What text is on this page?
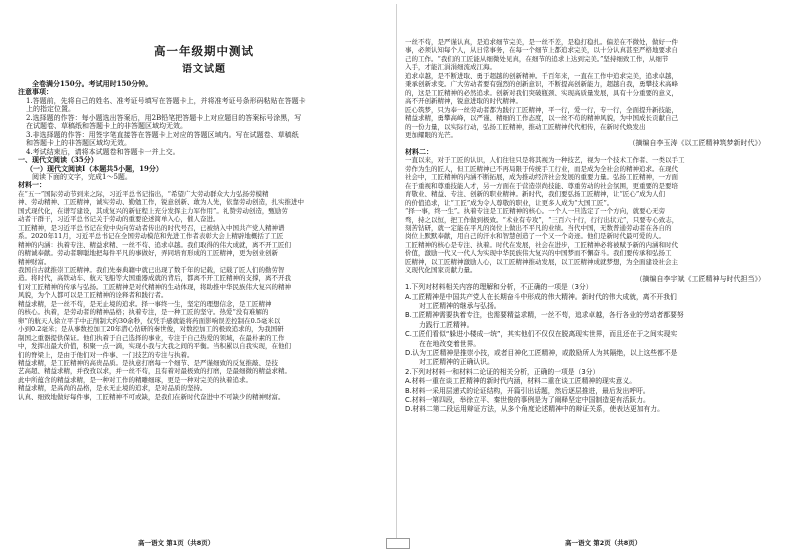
高一年级期中测试
语文试题
全卷满分150分。考试用时150分钟。
注意事项：
1.答题前，先将自己的姓名、准考证号填写在答题卡上，并将准考证号条形码粘贴在答题卡
上的指定位置。
2.选择题的作答：每小题选出答案后，用2B铅笔把答题卡上对应题目的答案标号涂黑，写
在试题卷、草稿纸和答题卡上的非答题区域均无效。
3.非选择题的作答：用签字笔直接答在答题卡上对应的答题区域内。写在试题卷、草稿纸
和答题卡上的非答题区域均无效。
4.考试结束后，请将本试题卷和答题卡一并上交。
一、现代文阅读（35分）
（一）现代文阅读Ⅰ（本题共5小题，19分）
阅读下面的文字，完成1～5题。
材料一：
在“五一”国际劳动节到来之际，习近平总书记指出，“希望广大劳动群众大力弘扬劳模精
神、劳动精神、工匠精神，诚实劳动、勤勉工作，锐意创新、敢为人先，依靠劳动创造，扎实推进中
国式现代化，在谱写建设，其成复兴的新征程上充分发挥主力军作用”。礼赞劳动创造，甄励劳
动者干群干，习近平总书记关于劳动的重要论述简单入心，催人奋进。
工匠精神，是习近平总书记在党中央向劳动者传出的时代号召，已被纳入中国共产党人精神谱
系。2020年11月，习近平总书记在全国劳动模范和先进工作者表彰大会上精辟地概括了工匠
精神的内涵：执着专注、精益求精、一丝不苟、追求卓越。我们取得的伟大成就，离不开工匠们
的精诚奉献。劳动者聊聪地把每件平凡的事做好，弄同培育形成的工匠精神，更为创业创新
精神财富。
我国自古就推崇工匠精神。我们先秦典籍中就已出现了数千年的记载，记载了匠人们的勤劳智
造。将时代，高铁动车、航天飞船等大国重器成就的背后，都离不开工匠精神的支撑，离不开我
们对工匠精神的传承与弘扬。工匠精神是对代精神的生动体现，将助推中华民族伟大复兴的精神
风貌，为个人都可以是工匠精神的诠释者和践行者。
精益求精，是一丝不苟，是无止境的追求。择一事终一生，坚定的理想信念，是工匠精神
的核心。执着，是劳动者的精神品格；执着专注，是一种工匠的坚守。热爱“没有难解的
卵”的航天人徐立平手中正削制大约30余秒，仅凭手感就能将药面影响误差控制在0.5毫米以
小到0.2毫米；是从事数控加工20年潜心钻研的秦世俊，对数控加工的极致追求的，为我国研
制国之重器提供保证。他们执着于自己选择的事业，专注于自己热爱的领域，在最朴素的工作
中，发挥出最大价值，积聚一点一滴，实现小我与大我之间的平衡。当积累以自我实现，在他们
们的脊梁上，是由于他们对一件事、一门技艺的专注与执着。
精益求精，是工匠精神的高贵品质。是执意打磨每一个细节、是严谨细致的反复推敲、是技
艺高超、精益求精，并孜孜以求，并一丝不苟，且有着对最极致的打磨，是最细微的精益求精。
此中所蕴含的精益求精，是一种对工作的精雕细琢，更是一种对完美的执着追求。
精益求精，是高尚的品格，是永无止境的追求，是对品质的坚持。
认真、细致地做好每件事，工匠精神不可或缺，是我们在新时代奋进中不可缺少的精神财富。
高一语文 第1页（共8页）
一丝不苟，是严谨认真，是追求细节完美，是一丝不差，是稳打稳扎。偏差在不微处，做好一件
事，必须认知每个人，从日常事务，在每一个细节上都追求完美，以十分认真甚至严格地要求自
己的工作。“我们的工匠能从细微处见真，在细节的追求上达到完美。”坚持细致工作，从细节
入手，才能汇涓涓细流成江海。
追求卓越，是不断进取、勇于超越的创新精神。千百年来，一直在工作中追求完美，追求卓越，
秉承创新求变。广大劳动者要有强烈的创新意识，不断提高创新能力，超越自我，勇攀技术高峰
的，这是工匠精神的必然追求。创新对我们突破瓶颈、实现高质量发展，具有十分重要的意义，
高不开创新精神，锐意进取的时代精神。
匠心筑梦，只为奉一丝劳动者都为践行工匠精神，平一行，爱一行，专一行，全面提升新技能，
精益求精，勇攀高峰，以严谨、精细的工作态度，以一丝不苟的精神风貌，为中国成长贡献自己
的一份力量，以实际行动，弘扬工匠精神，推动工匠精神代代相传，在新时代焕发出
更加耀眼的光芒。
（摘编自李玉涛《以工匠精神筑梦新时代》）
材料二：
一直以来，对于工匠的认识，人们往往只是将其视为一种技艺，视为一个技术工作者、一类以手工
劳作为生的匠人，但工匠精神已不再局限于传统手工行业，而是成为全社会的精神追求。在现代
社会中，工匠精神的内涵不断拓展，成为推动经济社会发展的重要力量。弘扬工匠精神，一方面
在于重视和尊重技能人才，另一方面在于营造崇尚技能、尊重劳动的社会氛围，更重要的是要培
育敬业、精益、专注、创新的职业精神。新时代，我们要弘扬工匠精神，让“匠心”成为人们
的价值追求，让“工匠”成为令人尊敬的职业，让更多人成为“大国工匠”。
“择一事，终一生”。执着专注是工匠精神的核心。一个人一旦选定了一个方向，就要心无旁
骛，持之以恒，把工作做到极致。“术业有专攻”，“三百六十行，行行出状元”，只要专心致志，
刻苦钻研，就一定能在平凡的岗位上做出不平凡的业绩。当代中国，无数普通劳动者在各自的
岗位上默默奉献，用自己的汗水和智慧创造了一个又一个奇迹。他们是新时代最可爱的人。
工匠精神的核心是专注、执着。时代在发展，社会在进步，工匠精神必将被赋予新的内涵和时代
价值，激励一代又一代人为实现中华民族伟大复兴的中国梦而不懈奋斗。我们要传承和弘扬工
匠精神，以工匠精神激励人心，以工匠精神推动发展，以工匠精神成就梦想，为全面建设社会主
义现代化国家贡献力量。
（摘编自李宇斌《工匠精神与时代担当》）
1.下列对材料相关内容的理解和分析，不正确的一项是（3分）
A.工匠精神是中国共产党人在长期奋斗中形成的伟大精神。新时代的伟大成就，离不开我们
对工匠精神的继承与弘扬。
B.工匠精神需要执着专注，也需要精益求精，一丝不苟，追求卓越，各行各业的劳动者都要努
力践行工匠精神。
C.工匠们看似“躲进小楼成一统”，其实他们不仅仅在脱离现实世界，而且还在于之间实现实
在在地改变着世界。
D.认为工匠精神是推崇小技，或者目神化工匠精神，或散励所人为其隔绝，以上这些都不是
对工匠精神的正确认识。
2.下列对材料一和材料二论证的相关分析，正确的一项是（3分）
A.材料一重在谈工匠精神的新时代内涵，材料二重在谈工匠精神的现实意义。
B.材料一采用层递式的论证结构，开篇引出话题，然后逐层推进，最后发出呼吁。
C.材料一第四段，举徐立平、秦世俊的事例是为了阐释坚定中国制造更有活跃力。
D.材料二第二段运用辩证方法，从多个角度论述精神中的辩证关系，使表达更加有力。
高一语文 第2页（共8页）
